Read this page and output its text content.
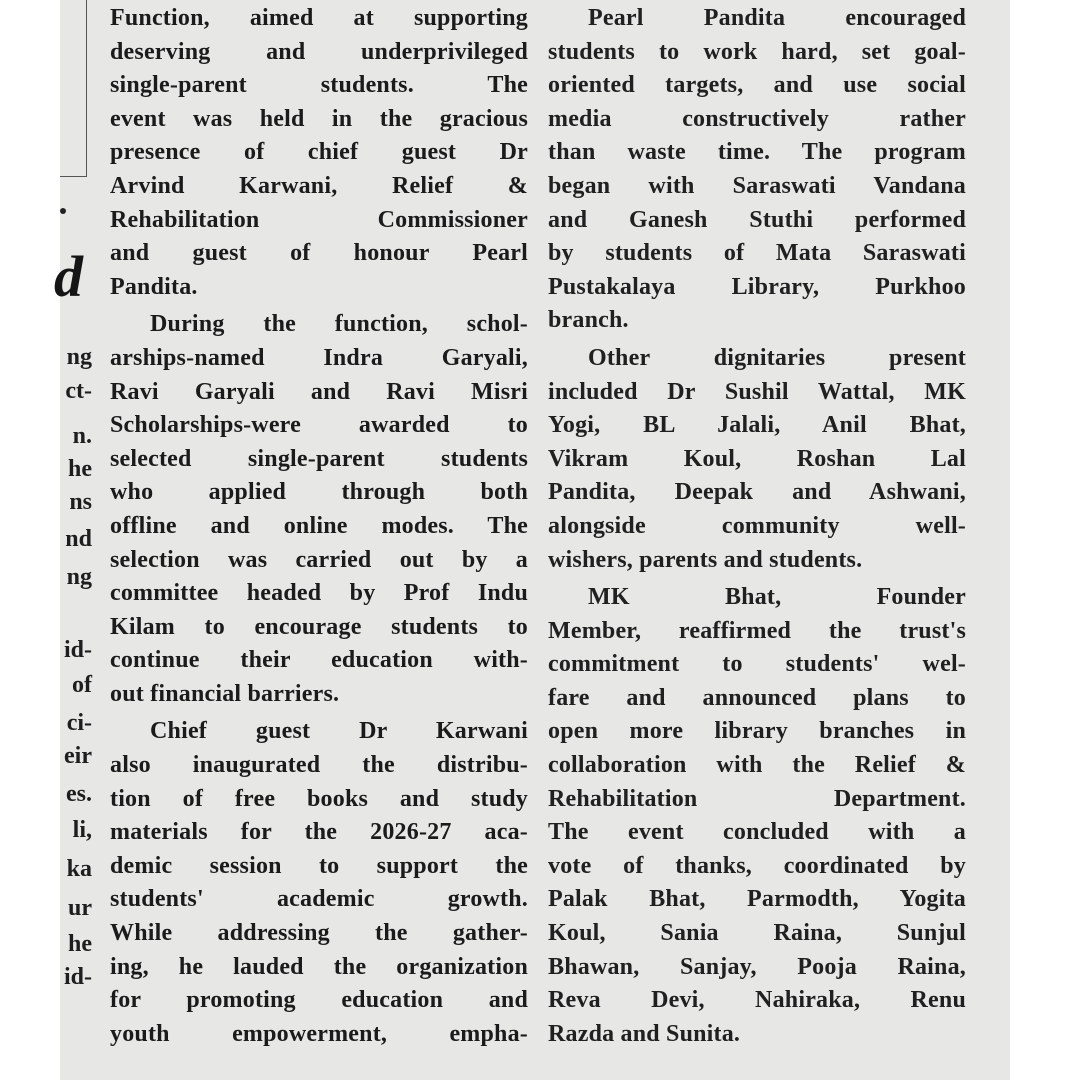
d
ng
ct-
n.
he
ns
nd
ng
id-
of
ci-
eir
es.
li,
ka
ur
he
id-
Function, aimed at supporting
deserving and underprivileged
single-parent students. The
event was held in the gracious
presence of chief guest Dr
Arvind Karwani, Relief &
Rehabilitation Commissioner
and guest of honour Pearl
Pandita.
During the function, schol-
arships-named Indra Garyali,
Ravi Garyali and Ravi Misri
Scholarships-were awarded to
selected single-parent students
who applied through both
offline and online modes. The
selection was carried out by a
committee headed by Prof Indu
Kilam to encourage students to
continue their education with-
out financial barriers.
Chief guest Dr Karwani
also inaugurated the distribu-
tion of free books and study
materials for the 2026-27 aca-
demic session to support the
students' academic growth.
While addressing the gather-
ing, he lauded the organization
for promoting education and
youth empowerment, empha-
Pearl Pandita encouraged
students to work hard, set goal-
oriented targets, and use social
media constructively rather
than waste time. The program
began with Saraswati Vandana
and Ganesh Stuthi performed
by students of Mata Saraswati
Pustakalaya Library, Purkhoo
branch.
Other dignitaries present
included Dr Sushil Wattal, MK
Yogi, BL Jalali, Anil Bhat,
Vikram Koul, Roshan Lal
Pandita, Deepak and Ashwani,
alongside community well-
wishers, parents and students.
MK Bhat, Founder
Member, reaffirmed the trust's
commitment to students' wel-
fare and announced plans to
open more library branches in
collaboration with the Relief &
Rehabilitation Department.
The event concluded with a
vote of thanks, coordinated by
Palak Bhat, Parmodth, Yogita
Koul, Sania Raina, Sunjul
Bhawan, Sanjay, Pooja Raina,
Reva Devi, Nahiraka, Renu
Razda and Sunita.
